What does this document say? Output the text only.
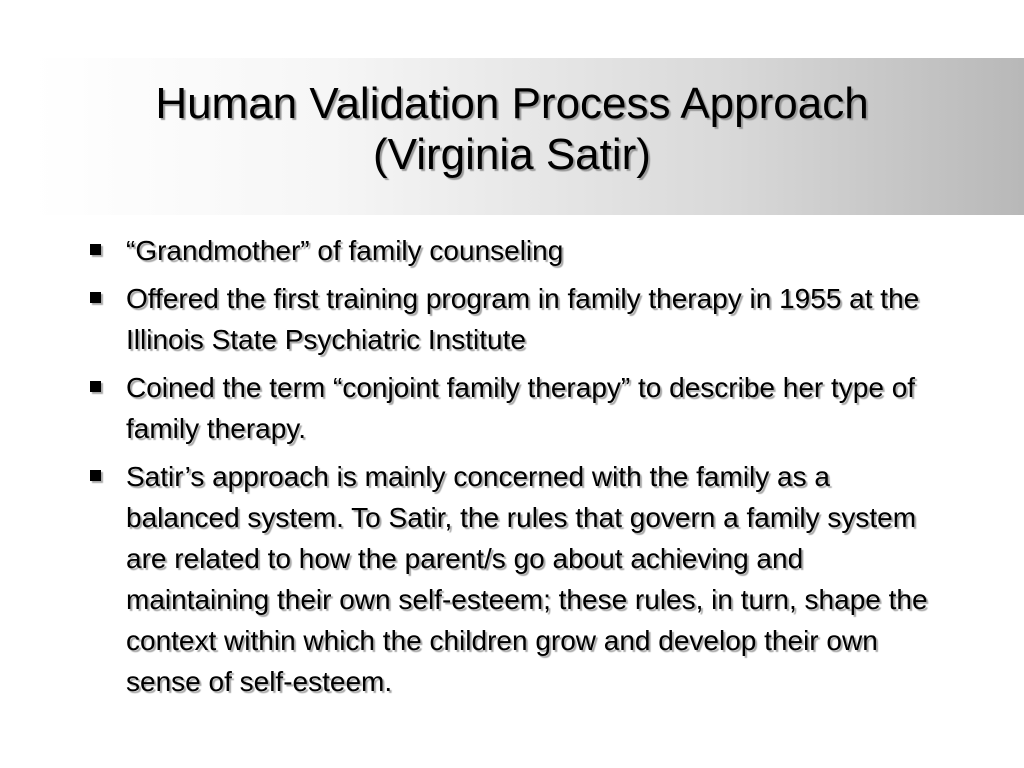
Human Validation Process Approach
(Virginia Satir)
“Grandmother” of family counseling
Offered the first training program in family therapy in 1955 at the Illinois State Psychiatric Institute
Coined the term “conjoint family therapy” to describe her type of family therapy.
Satir’s approach is mainly concerned with the family as a balanced system. To Satir, the rules that govern a family system are related to how the parent/s go about achieving and maintaining their own self-esteem; these rules, in turn, shape the context within which the children grow and develop their own sense of self-esteem.
